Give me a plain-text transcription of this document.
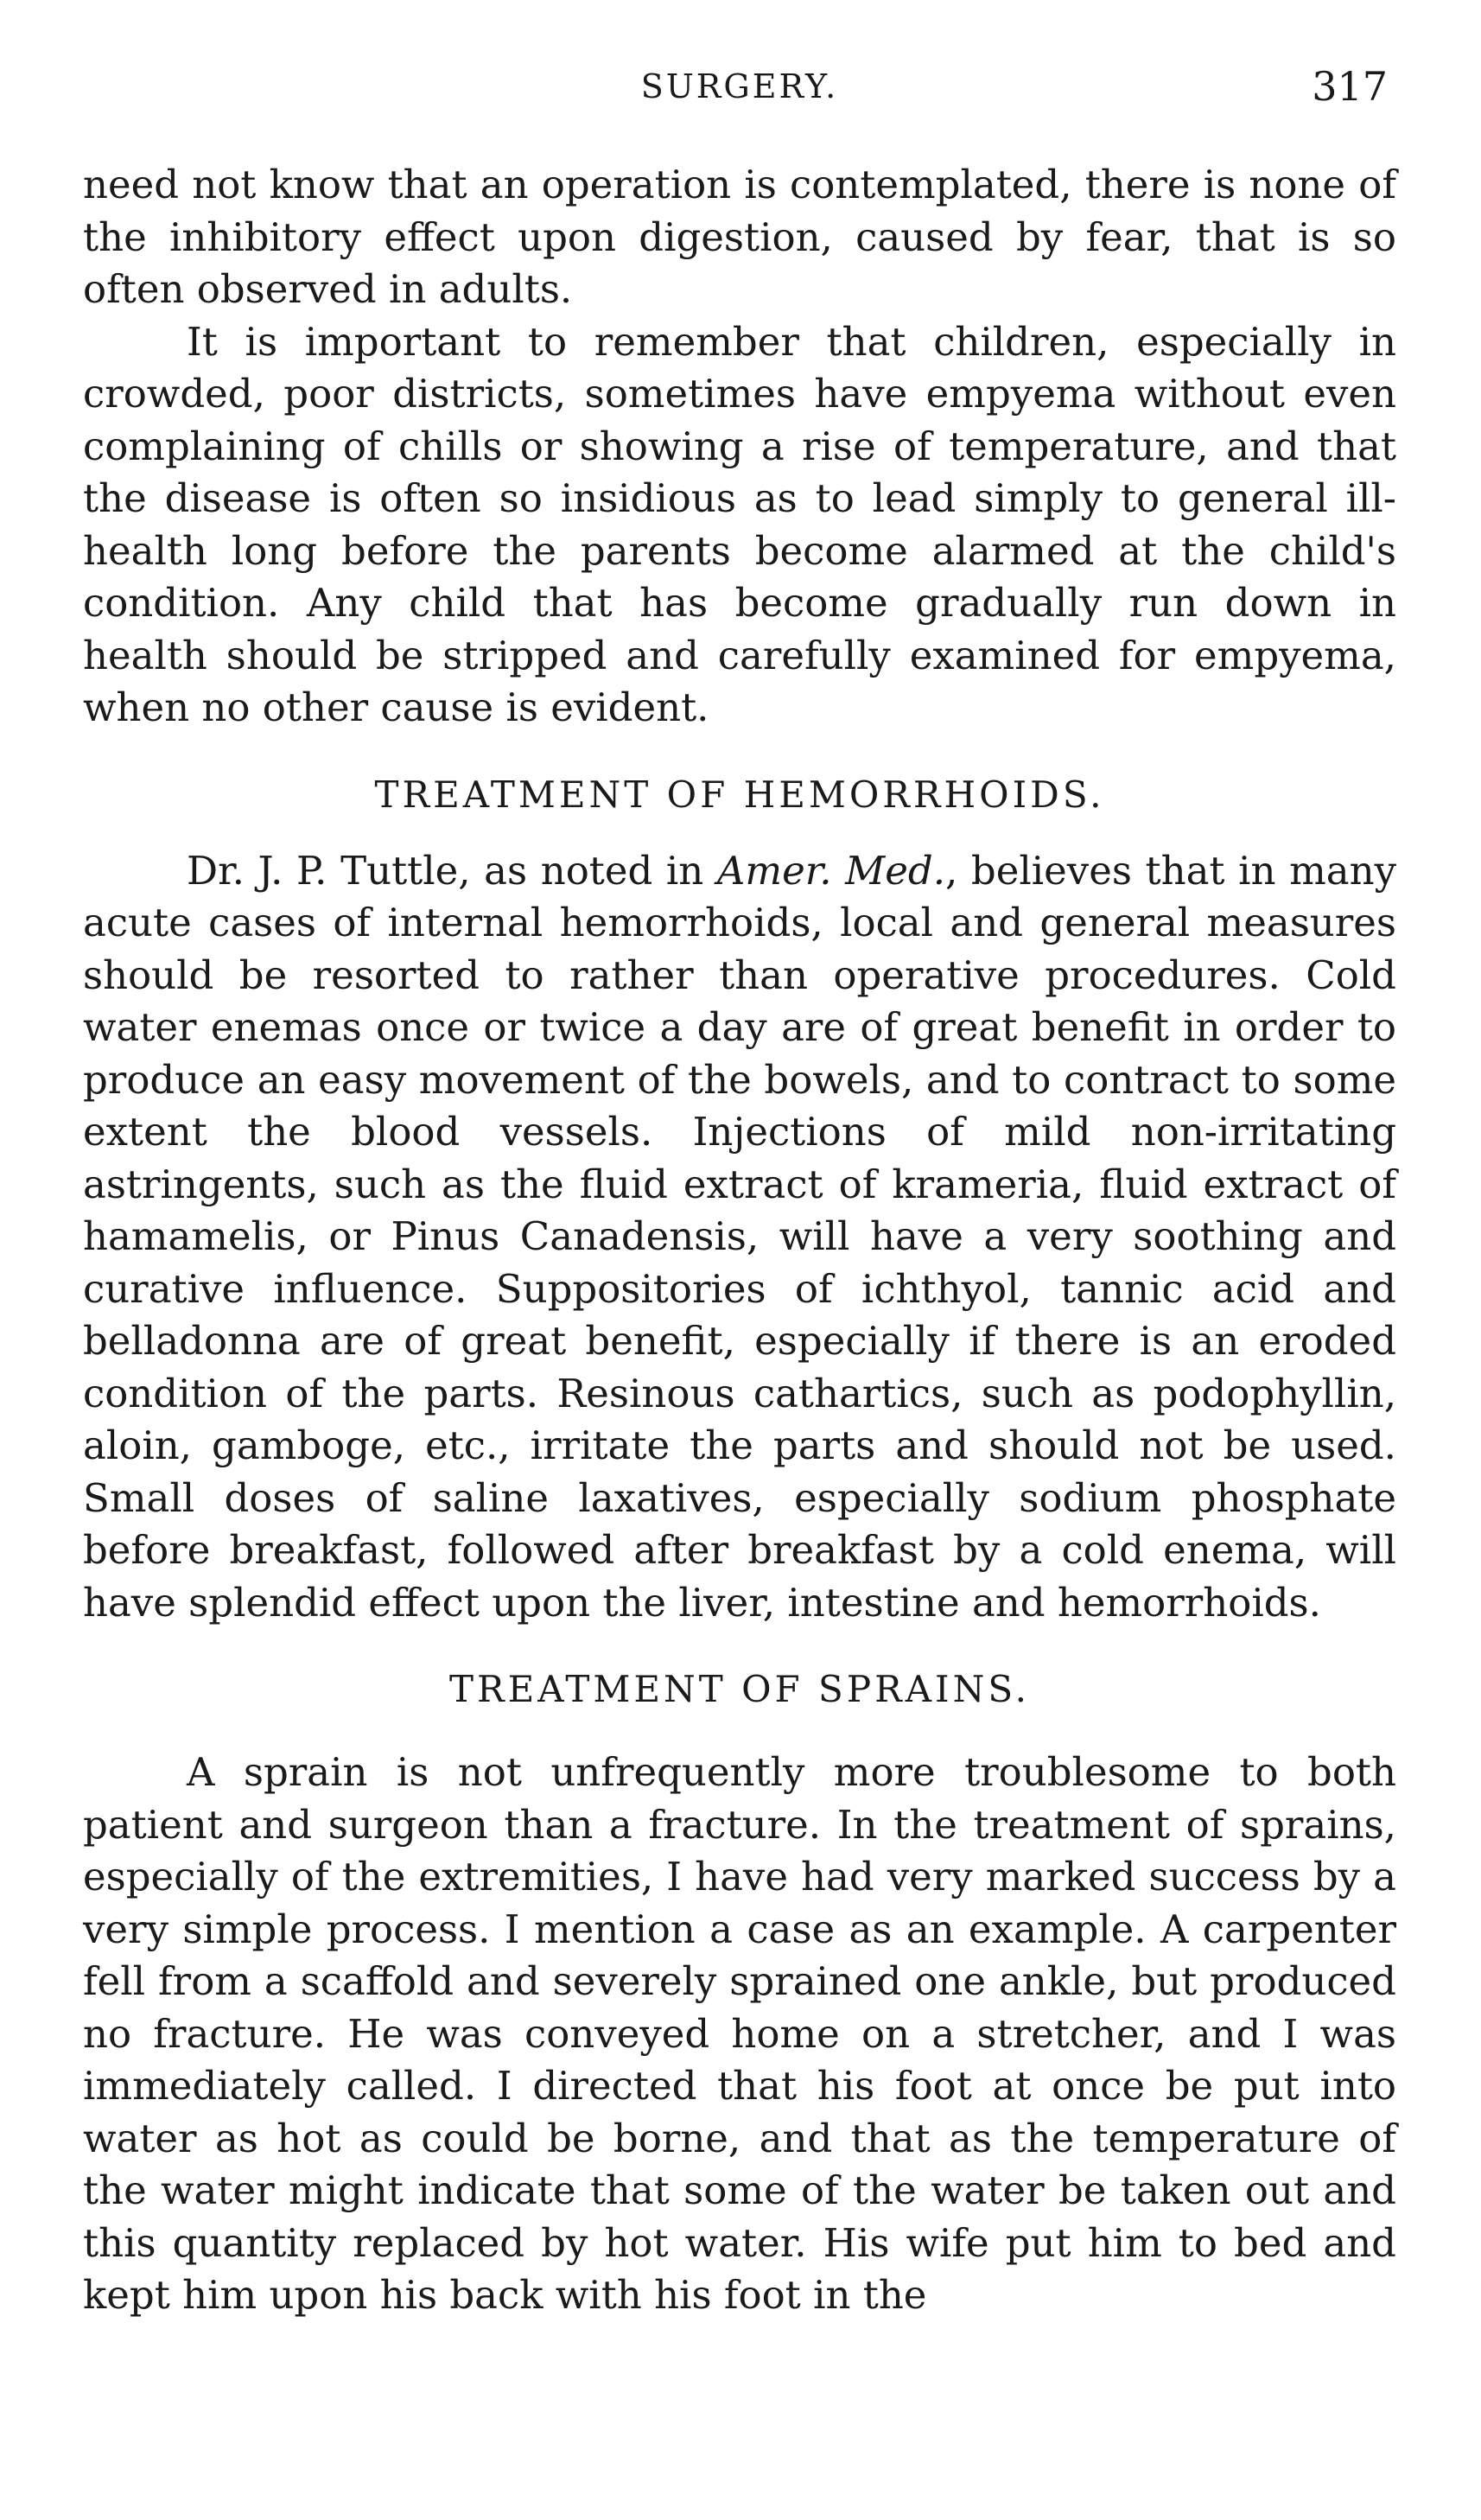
SURGERY.	317

need not know that an operation is contemplated, there is none of the inhibitory effect upon digestion, caused by fear, that is so often observed in adults.

It is important to remember that children, especially in crowded, poor districts, sometimes have empyema without even complaining of chills or showing a rise of temperature, and that the disease is often so insidious as to lead simply to general ill-health long before the parents become alarmed at the child's condition. Any child that has become gradually run down in health should be stripped and carefully examined for empyema, when no other cause is evident.

TREATMENT OF HEMORRHOIDS.

Dr. J. P. Tuttle, as noted in Amer. Med., believes that in many acute cases of internal hemorrhoids, local and general measures should be resorted to rather than operative procedures. Cold water enemas once or twice a day are of great benefit in order to produce an easy movement of the bowels, and to contract to some extent the blood vessels. Injections of mild non-irritating astringents, such as the fluid extract of krameria, fluid extract of hamamelis, or Pinus Canadensis, will have a very soothing and curative influence. Suppositories of ichthyol, tannic acid and belladonna are of great benefit, especially if there is an eroded condition of the parts. Resinous cathartics, such as podophyllin, aloin, gamboge, etc., irritate the parts and should not be used. Small doses of saline laxatives, especially sodium phosphate before breakfast, followed after breakfast by a cold enema, will have splendid effect upon the liver, intestine and hemorrhoids.

TREATMENT OF SPRAINS.

A sprain is not unfrequently more troublesome to both patient and surgeon than a fracture. In the treatment of sprains, especially of the extremities, I have had very marked success by a very simple process. I mention a case as an example. A carpenter fell from a scaffold and severely sprained one ankle, but produced no fracture. He was conveyed home on a stretcher, and I was immediately called. I directed that his foot at once be put into water as hot as could be borne, and that as the temperature of the water might indicate that some of the water be taken out and this quantity replaced by hot water. His wife put him to bed and kept him upon his back with his foot in the
